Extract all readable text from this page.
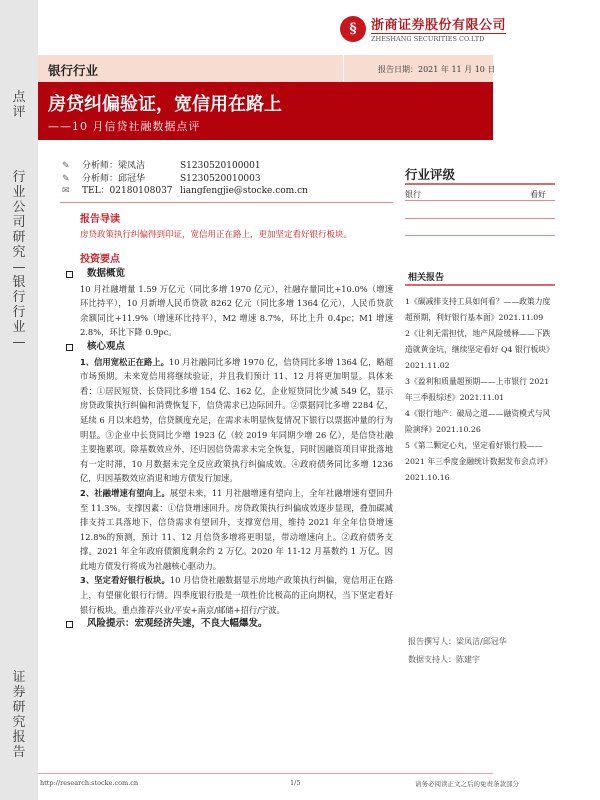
点评
行业公司研究—银行行业—
证券研究报告
§	浙商证券股份有限公司
ZHESHANG SECURITIES CO.LTD
银行行业	报告日期：2021 年 11 月 10 日
房贷纠偏验证，宽信用在路上
——10 月信贷社融数据点评
✎	分析师：梁凤洁	S1230520100001
✎	分析师：邱冠华	S1230520010003
✉	TEL：02180108037 liangfengjie@stocke.com.cn
报告导读
房贷政策执行纠偏得到印证，宽信用正在路上，更加坚定看好银行板块。
投资要点
数据概览

10 月社融增量 1.59 万亿元（同比多增 1970 亿元），社融存量同比+10.0%（增速环比持平），10 月新增人民币贷款 8262 亿元（同比多增 1364 亿元），人民币贷款余额同比+11.9%（增速环比持平），M2 增速 8.7%，环比上升 0.4pc；M1 增速 2.8%，环比下降 0.9pc。

核心观点

1、信用宽松正在路上。10 月社融同比多增 1970 亿，信贷同比多增 1364 亿，略超市场预期。未来宽信用将继续验证，并且我们预计 11、12 月将更加明显。具体来看：①居民短贷、长贷同比多增 154 亿、162 亿，企业短贷同比少减 549 亿，显示房贷政策执行纠偏和消费恢复下，信贷需求已边际回升。②票据同比多增 2284 亿，延续 6 月以来趋势，信贷额度充足，在需求未明显恢复情况下银行以票据冲量的行为明显。③企业中长贷同比少增 1923 亿（较 2019 年同期少增 26 亿），是信贷社融主要拖累项。除基数效应外，还归因信贷需求未完全恢复，同时因融资项目审批落地有一定时滞，10 月数据未完全反应政策执行纠偏成效。④政府债务同比多增 1236 亿，归因基数效应消退和地方债发行加速。

2、社融增速有望向上。展望未来，11 月社融增速有望向上，全年社融增速有望回升至 11.3%。支撑因素：①信贷增速回升。房贷政策执行纠偏成效逐步显现，叠加碳减排支持工具落地下，信贷需求有望回升，支撑宽信用，维持 2021 年全年信贷增速 12.8%的预测，预计 11、12 月信贷多增将更明显，带动增速向上。②政府债务支撑。2021 年全年政府债额度剩余约 2 万亿。2020 年 11-12 月基数约 1 万亿。因此地方债发行将成为社融核心驱动力。

3、坚定看好银行板块。10 月信贷社融数据显示房地产政策执行纠偏，宽信用正在路上，有望催化银行行情。四季度银行股是一项性价比极高的正向期权，当下坚定看好银行板块。重点推荐兴业/平安+南京/邮储+招行/宁波。

风险提示：宏观经济失速，不良大幅爆发。
行业评级
银行	看好
相关报告
1《碳减排支持工具如何看？——政策力度超预期，利好银行基本面》2021.11.09
2《让利无需担忧，地产风险缓释——下跌造就黄金坑，继续坚定看好 Q4 银行板块》2021.11.02
3《盈利和质量超预期——上市银行 2021 年三季报综述》2021.11.01
4《银行地产：破局之道——融资模式与风险演绎》2021.10.26
5《第二颗定心丸，坚定看好银行股——2021 年三季度金融统计数据发布会点评》2021.10.16
报告撰写人：梁凤洁/邱冠华
数据支持人：陈建宇
http://research.stocke.com.cn	1/5	请务必阅读正文之后的免责条款部分
